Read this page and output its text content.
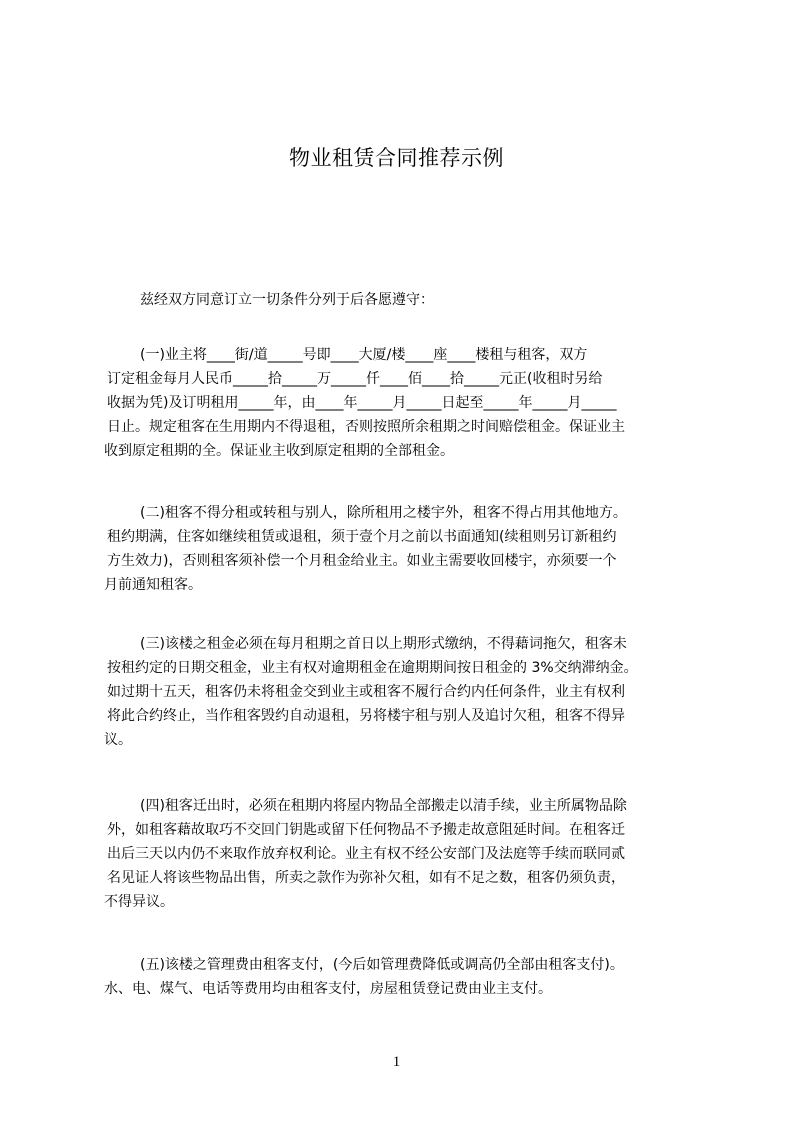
物业租赁合同推荐示例
兹经双方同意订立一切条件分列于后各愿遵守：
(一)业主将____街/道_____号即____大厦/楼____座____楼租与租客，双方
订定租金每月人民币_____拾_____万_____仟____佰____拾_____元正(收租时另给
收据为凭)及订明租用_____年，由____年_____月_____日起至_____年_____月_____
日止。规定租客在生用期内不得退租，否则按照所余租期之时间赔偿租金。保证业主
收到原定租期的全。保证业主收到原定租期的全部租金。
(二)租客不得分租或转租与别人，除所租用之楼宇外，租客不得占用其他地方。
租约期满，住客如继续租赁或退租，须于壹个月之前以书面通知(续租则另订新租约
方生效力)，否则租客须补偿一个月租金给业主。如业主需要收回楼宇，亦须要一个
月前通知租客。
(三)该楼之租金必须在每月租期之首日以上期形式缴纳，不得藉词拖欠，租客未
按租约定的日期交租金，业主有权对逾期租金在逾期期间按日租金的 3%交纳滞纳金。
如过期十五天，租客仍未将租金交到业主或租客不履行合约内任何条件，业主有权利
将此合约终止，当作租客毁约自动退租，另将楼宇租与别人及追讨欠租，租客不得异
议。
(四)租客迁出时，必须在租期内将屋内物品全部搬走以清手续，业主所属物品除
外，如租客藉故取巧不交回门钥匙或留下任何物品不予搬走故意阻延时间。在租客迁
出后三天以内仍不来取作放弃权利论。业主有权不经公安部门及法庭等手续而联同贰
名见证人将该些物品出售，所卖之款作为弥补欠租，如有不足之数，租客仍须负责，
不得异议。
(五)该楼之管理费由租客支付，(今后如管理费降低或调高仍全部由租客支付)。
水、电、煤气、电话等费用均由租客支付，房屋租赁登记费由业主支付。
1
